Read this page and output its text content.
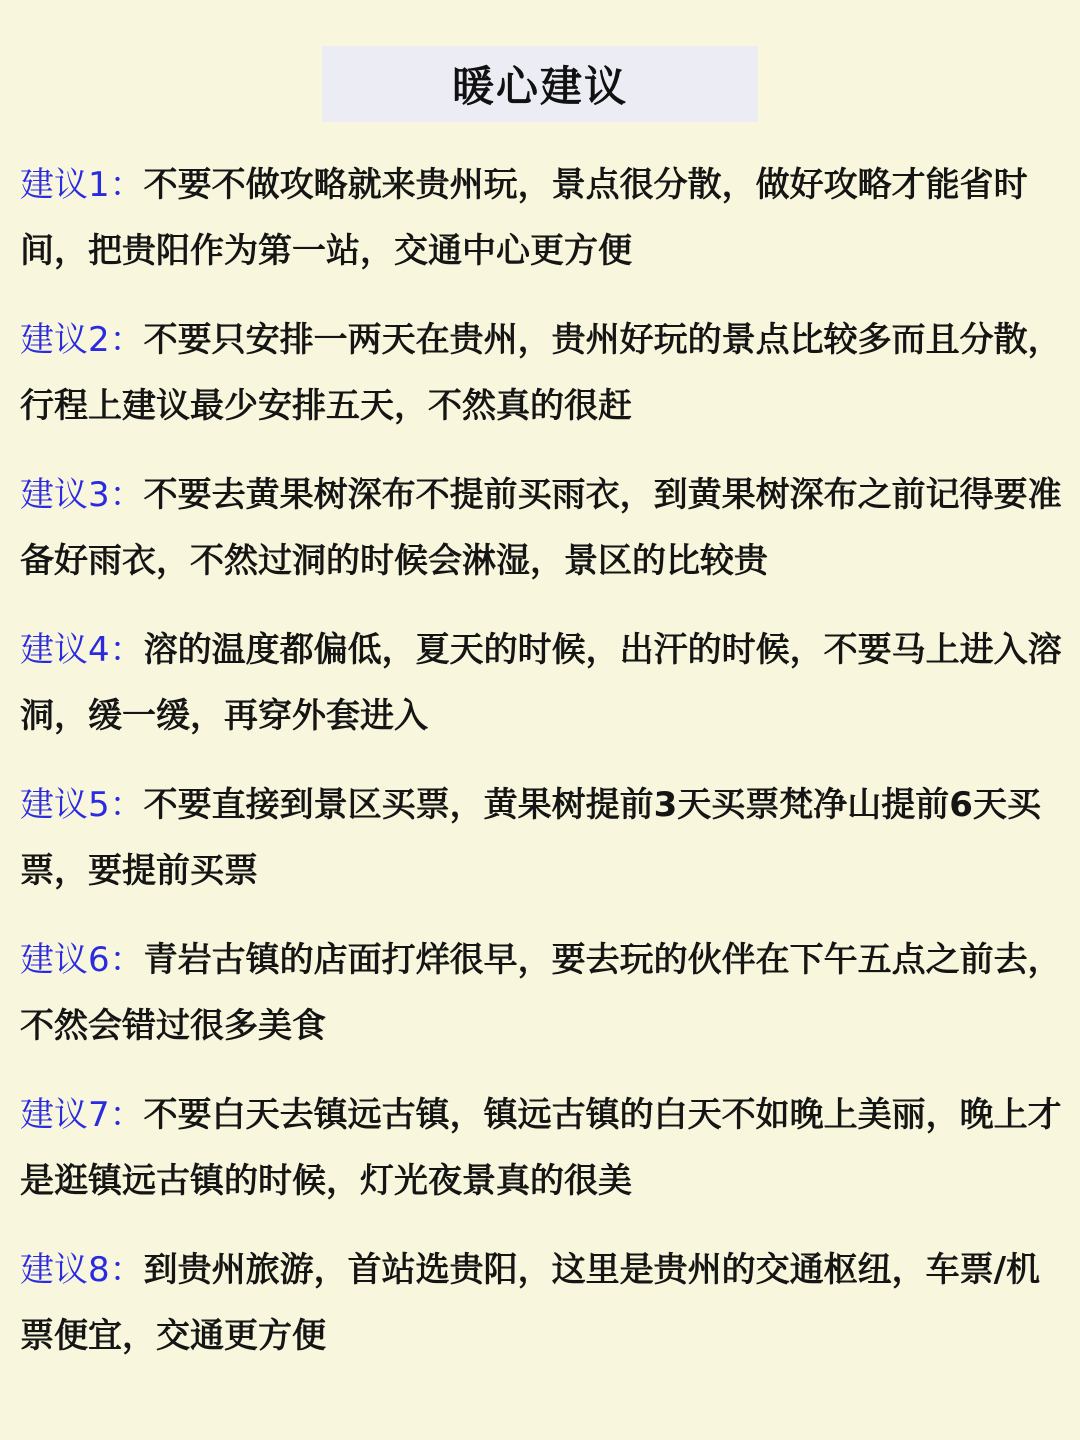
暖心建议

建议1：不要不做攻略就来贵州玩，景点很分散，做好攻略才能省时间，把贵阳作为第一站，交通中心更方便

建议2：不要只安排一两天在贵州，贵州好玩的景点比较多而且分散，行程上建议最少安排五天，不然真的很赶

建议3：不要去黄果树深布不提前买雨衣，到黄果树深布之前记得要准备好雨衣，不然过洞的时候会淋湿，景区的比较贵

建议4：溶的温度都偏低，夏天的时候，出汗的时候，不要马上进入溶洞，缓一缓，再穿外套进入

建议5：不要直接到景区买票，黄果树提前3天买票梵净山提前6天买票，要提前买票

建议6：青岩古镇的店面打烊很早，要去玩的伙伴在下午五点之前去，不然会错过很多美食

建议7：不要白天去镇远古镇，镇远古镇的白天不如晚上美丽，晚上才是逛镇远古镇的时候，灯光夜景真的很美

建议8：到贵州旅游，首站选贵阳，这里是贵州的交通枢纽，车票/机票便宜，交通更方便
